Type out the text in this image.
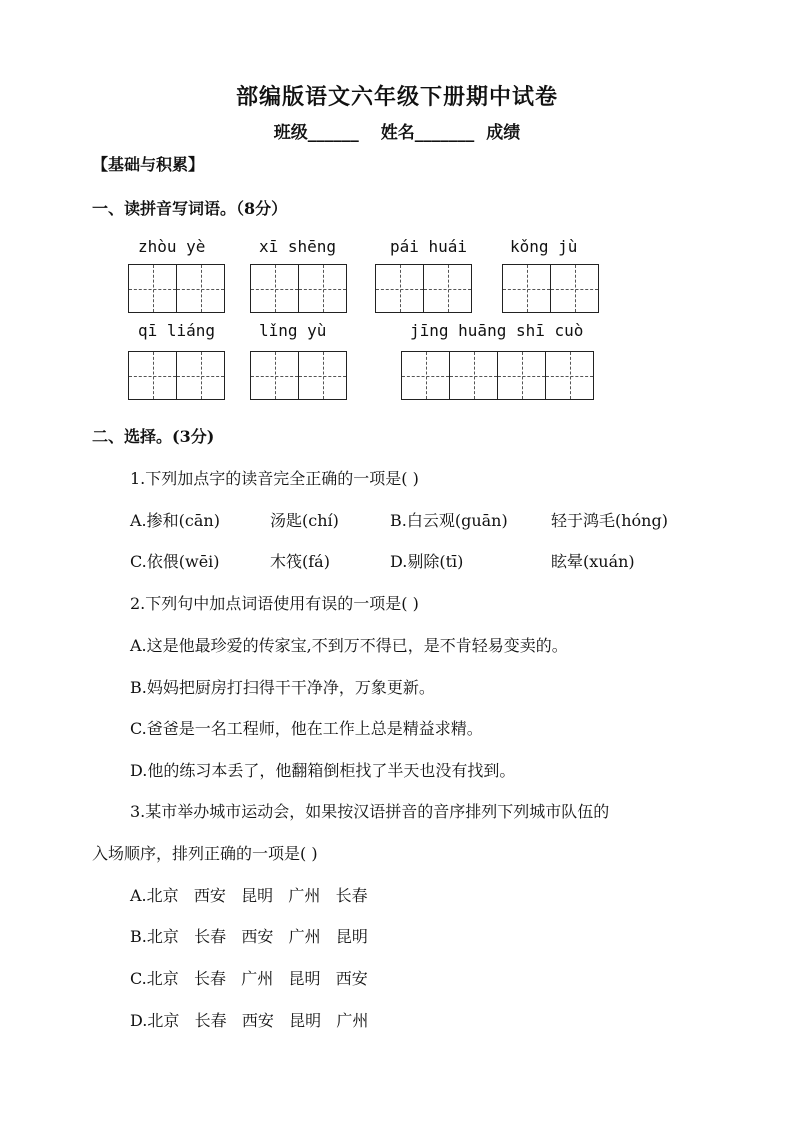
部编版语文六年级下册期中试卷
班级______ 姓名_______ 成绩
【基础与积累】
一、读拼音写词语。（8分）
zhòu yè	xī shēng	pái huái	kǒng jù
qī liáng	lǐng yù	jīng huāng shī cuò
二、选择。(3分)
1.下列加点字的读音完全正确的一项是( )
A.掺和(cān)	汤匙(chí)	B.白云观(guān)	轻于鸿毛(hóng)
C.依偎(wēi)	木筏(fá)	D.剔除(tī)	眩晕(xuán)
2.下列句中加点词语使用有误的一项是( )
A.这是他最珍爱的传家宝,不到万不得已，是不肯轻易变卖的。
B.妈妈把厨房打扫得干干净净，万象更新。
C.爸爸是一名工程师，他在工作上总是精益求精。
D.他的练习本丢了，他翻箱倒柜找了半天也没有找到。
3.某市举办城市运动会，如果按汉语拼音的音序排列下列城市队伍的
入场顺序，排列正确的一项是( )
A.北京   西安   昆明   广州   长春
B.北京   长春   西安   广州   昆明
C.北京   长春   广州   昆明   西安
D.北京   长春   西安   昆明   广州
